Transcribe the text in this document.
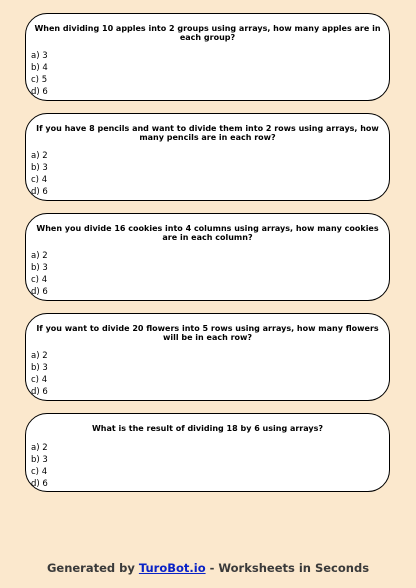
When dividing 10 apples into 2 groups using arrays, how many apples are in each group?

a) 3
b) 4
c) 5
d) 6

If you have 8 pencils and want to divide them into 2 rows using arrays, how many pencils are in each row?

a) 2
b) 3
c) 4
d) 6

When you divide 16 cookies into 4 columns using arrays, how many cookies are in each column?

a) 2
b) 3
c) 4
d) 6

If you want to divide 20 flowers into 5 rows using arrays, how many flowers will be in each row?

a) 2
b) 3
c) 4
d) 6

What is the result of dividing 18 by 6 using arrays?

a) 2
b) 3
c) 4
d) 6
Generated by TuroBot.io - Worksheets in Seconds
